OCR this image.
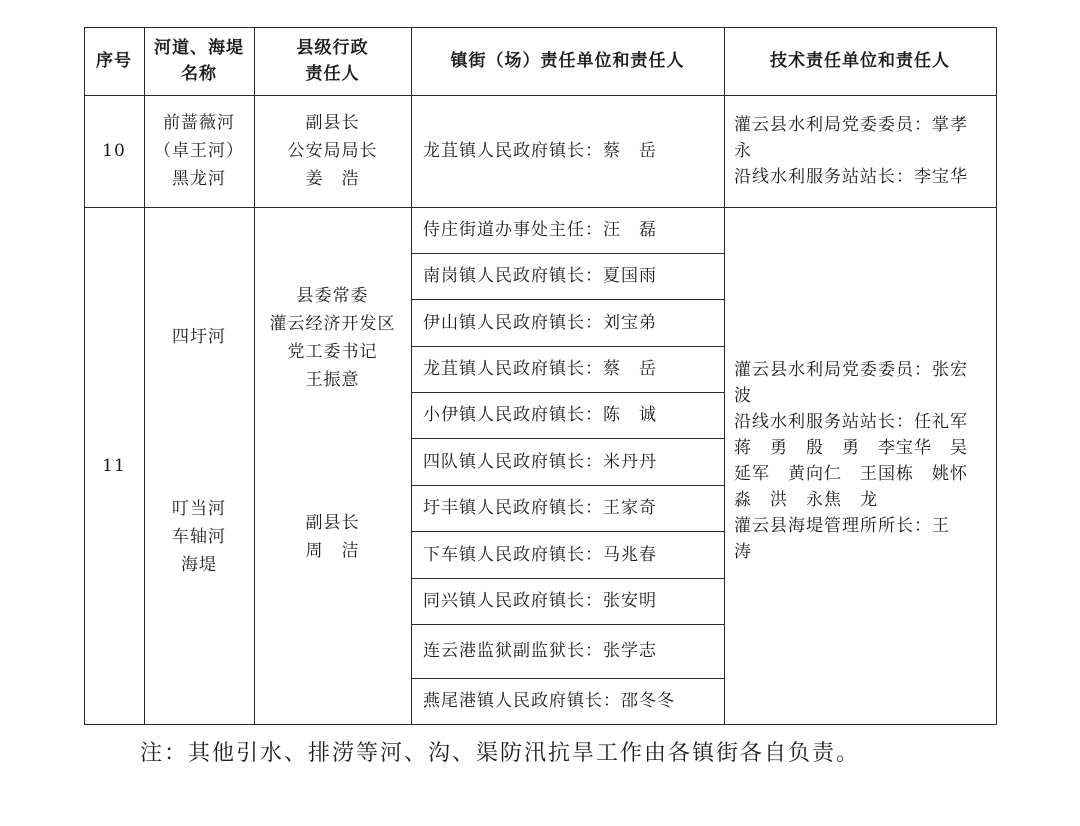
序号
河道、海堤
名称
县级行政
责任人
镇街（场）责任单位和责任人	技术责任单位和责任人
10
前蔷薇河
（卓王河）
黑龙河
副县长
公安局局长
姜　浩
龙苴镇人民政府镇长：蔡　岳
灌云县水利局党委委员：掌孝
永
沿线水利服务站站长：李宝华
11
四圩河
县委常委
灌云经济开发区
党工委书记
王振意
叮当河
车轴河
海堤
副县长
周　洁
侍庄街道办事处主任：汪　磊
南岗镇人民政府镇长：夏国雨
伊山镇人民政府镇长：刘宝弟
龙苴镇人民政府镇长：蔡　岳
小伊镇人民政府镇长：陈　诚
四队镇人民政府镇长：米丹丹
圩丰镇人民政府镇长：王家奇
下车镇人民政府镇长：马兆春
同兴镇人民政府镇长：张安明
连云港监狱副监狱长：张学志
燕尾港镇人民政府镇长：邵冬冬
灌云县水利局党委委员：张宏
波
沿线水利服务站站长：任礼军
蒋　勇　殷　勇　李宝华　吴
延军　黄向仁　王国栋　姚怀
淼　洪　永焦　龙
灌云县海堤管理所所长：王
涛
注：其他引水、排涝等河、沟、渠防汛抗旱工作由各镇街各自负责。
